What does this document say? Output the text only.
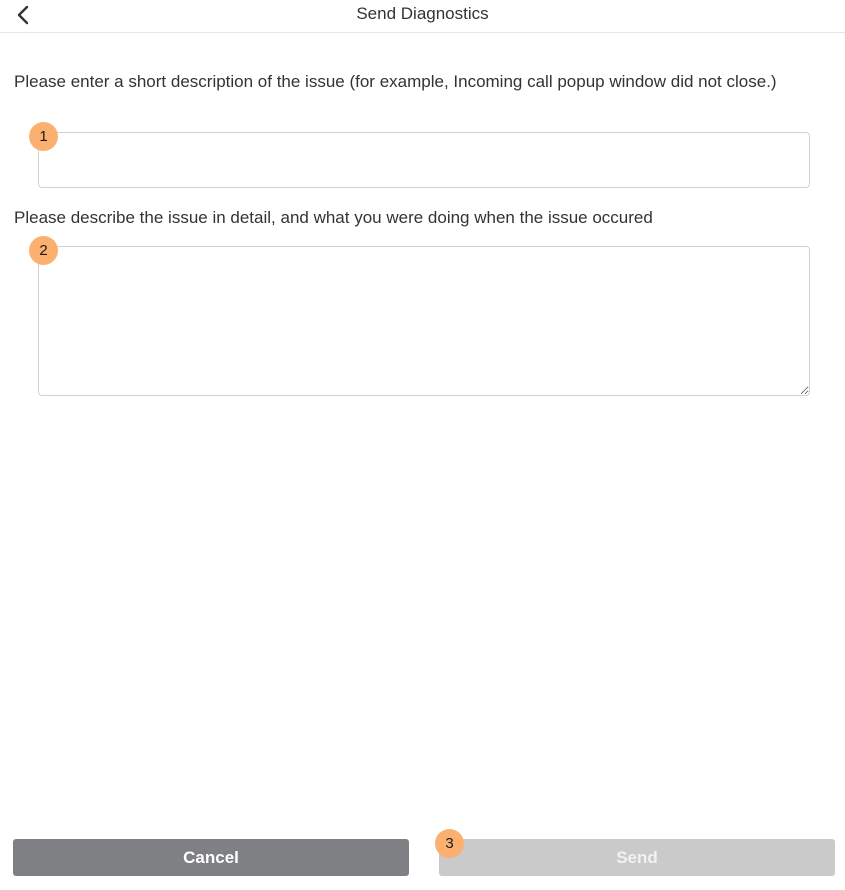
Send Diagnostics
Please enter a short description of the issue (for example, Incoming call popup window did not close.)
1
Please describe the issue in detail, and what you were doing when the issue occured
2
Cancel
3
Send
